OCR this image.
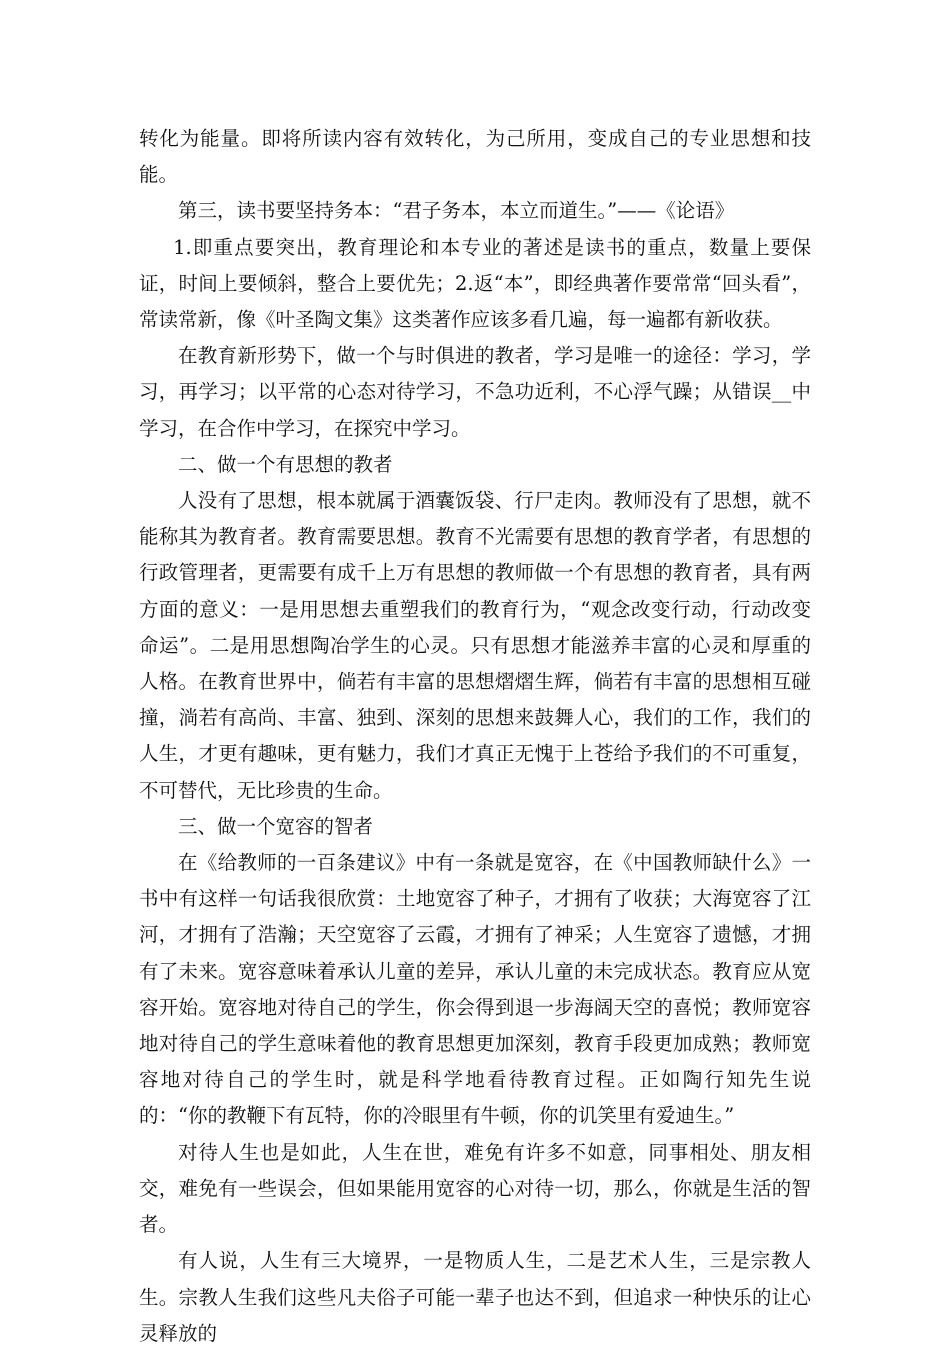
转化为能量。即将所读内容有效转化，为己所用，变成自己的专业思想和技能。

第三，读书要坚持务本：“君子务本，本立而道生。”——《论语》

1.即重点要突出，教育理论和本专业的著述是读书的重点，数量上要保证，时间上要倾斜，整合上要优先；2.返“本”，即经典著作要常常“回头看”，常读常新，像《叶圣陶文集》这类著作应该多看几遍，每一遍都有新收获。

在教育新形势下，做一个与时俱进的教者，学习是唯一的途径：学习，学习，再学习；以平常的心态对待学习，不急功近利，不心浮气躁；从错误__中学习，在合作中学习，在探究中学习。

二、做一个有思想的教者

人没有了思想，根本就属于酒囊饭袋、行尸走肉。教师没有了思想，就不能称其为教育者。教育需要思想。教育不光需要有思想的教育学者，有思想的行政管理者，更需要有成千上万有思想的教师做一个有思想的教育者，具有两方面的意义：一是用思想去重塑我们的教育行为，“观念改变行动，行动改变命运”。二是用思想陶冶学生的心灵。只有思想才能滋养丰富的心灵和厚重的人格。在教育世界中，倘若有丰富的思想熠熠生辉，倘若有丰富的思想相互碰撞，淌若有高尚、丰富、独到、深刻的思想来鼓舞人心，我们的工作，我们的人生，才更有趣味，更有魅力，我们才真正无愧于上苍给予我们的不可重复，不可替代，无比珍贵的生命。

三、做一个宽容的智者

在《给教师的一百条建议》中有一条就是宽容，在《中国教师缺什么》一书中有这样一句话我很欣赏：土地宽容了种子，才拥有了收获；大海宽容了江河，才拥有了浩瀚；天空宽容了云霞，才拥有了神采；人生宽容了遗憾，才拥有了未来。宽容意味着承认儿童的差异，承认儿童的未完成状态。教育应从宽容开始。宽容地对待自己的学生，你会得到退一步海阔天空的喜悦；教师宽容地对待自己的学生意味着他的教育思想更加深刻，教育手段更加成熟；教师宽容地对待自己的学生时，就是科学地看待教育过程。正如陶行知先生说的：“你的教鞭下有瓦特，你的冷眼里有牛顿，你的讥笑里有爱迪生。”

对待人生也是如此，人生在世，难免有许多不如意，同事相处、朋友相交，难免有一些误会，但如果能用宽容的心对待一切，那么，你就是生活的智者。

有人说，人生有三大境界，一是物质人生，二是艺术人生，三是宗教人生。宗教人生我们这些凡夫俗子可能一辈子也达不到，但追求一种快乐的让心灵释放的
